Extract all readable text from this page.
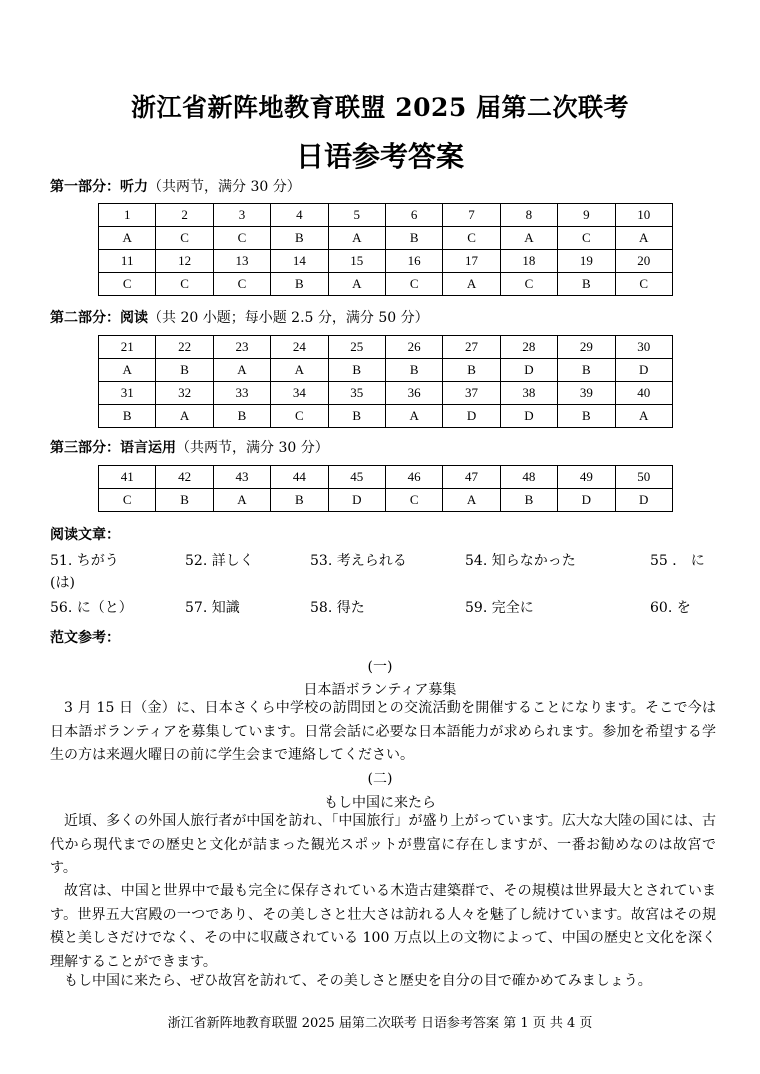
浙江省新阵地教育联盟 2025 届第二次联考
日语参考答案
第一部分：听力（共两节，满分 30 分）
1	2	3	4	5	6	7	8	9	10
A	C	C	B	A	B	C	A	C	A
11	12	13	14	15	16	17	18	19	20
C	C	C	B	A	C	A	C	B	C
第二部分：阅读（共 20 小题；每小题 2.5 分，满分 50 分）
21	22	23	24	25	26	27	28	29	30
A	B	A	A	B	B	B	D	B	D
31	32	33	34	35	36	37	38	39	40
B	A	B	C	B	A	D	D	B	A
第三部分：语言运用（共两节，满分 30 分）
41	42	43	44	45	46	47	48	49	50
C	B	A	B	D	C	A	B	D	D
阅读文章：
51. ちがう	52. 詳しく	53. 考えられる	54. 知らなかった	55 ． に
(は)
56. に（と）	57. 知識	58. 得た	59. 完全に	60. を
范文参考：
(一)
日本語ボランティア募集
3 月 15 日（金）に、日本さくら中学校の訪問団との交流活動を開催することになります。そこで今は日本語ボランティアを募集しています。日常会話に必要な日本語能力が求められます。参加を希望する学生の方は来週火曜日の前に学生会まで連絡してください。
(二)
もし中国に来たら
近頃、多くの外国人旅行者が中国を訪れ、「中国旅行」が盛り上がっています。広大な大陸の国には、古代から現代までの歴史と文化が詰まった観光スポットが豊富に存在しますが、一番お勧めなのは故宮です。
故宮は、中国と世界中で最も完全に保存されている木造古建築群で、その規模は世界最大とされています。世界五大宮殿の一つであり、その美しさと壮大さは訪れる人々を魅了し続けています。故宮はその規模と美しさだけでなく、その中に収蔵されている 100 万点以上の文物によって、中国の歴史と文化を深く理解することができます。
もし中国に来たら、ぜひ故宮を訪れて、その美しさと歴史を自分の目で確かめてみましょう。
浙江省新阵地教育联盟 2025 届第二次联考 日语参考答案 第 1 页 共 4 页
